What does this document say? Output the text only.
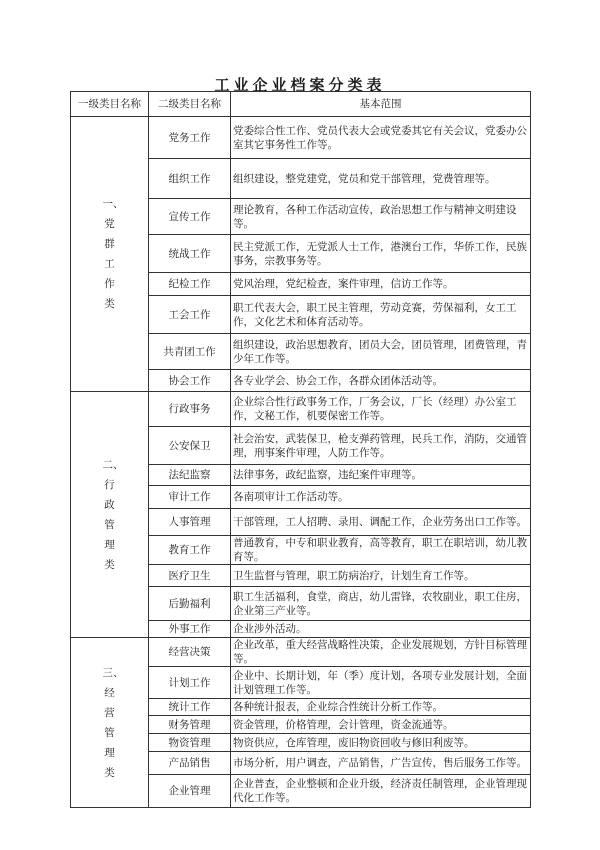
工业企业档案分类表
一级类目名称	二级类目名称	基本范围
一、党群工作类	党务工作	党委综合性工作、党员代表大会或党委其它有关会议，党委办公室其它事务性工作等。
	组织工作	组织建设，整党建党，党员和党干部管理，党费管理等。
	宣传工作	理论教育，各种工作活动宣传，政治思想工作与精神文明建设等。
	统战工作	民主党派工作，无党派人士工作，港澳台工作，华侨工作，民族事务，宗教事务等。
	纪检工作	党风治理，党纪检查，案件审理，信访工作等。
	工会工作	职工代表大会，职工民主管理，劳动竞赛，劳保福利，女工工作，文化艺术和体育活动等。
	共青团工作	组织建设，政治思想教育，团员大会，团员管理，团费管理，青少年工作等。
	协会工作	各专业学会、协会工作，各群众团体活动等。
二、行政管理类	行政事务	企业综合性行政事务工作，厂务会议，厂长（经理）办公室工作，文秘工作，机要保密工作等。
	公安保卫	社会治安，武装保卫，枪支弹药管理，民兵工作，消防，交通管理，刑事案件审理，人防工作等。
	法纪监察	法律事务，政纪监察，违纪案件审理等。
	审计工作	各南项审计工作活动等。
	人事管理	干部管理，工人招聘、录用、调配工作，企业劳务出口工作等。
	教育工作	普通教育，中专和职业教育，高等教育，职工在职培训，幼儿教育等。
	医疗卫生	卫生监督与管理，职工防病治疗，计划生育工作等。
	后勤福利	职工生活福利，食堂，商店，幼儿雷锋，农牧副业，职工住房，企业第三产业等。
	外事工作	企业涉外活动。
三、经营管理类	经营决策	企业改革，重大经营战略性决策，企业发展规划，方针目标管理等。
	计划工作	企业中、长期计划，年（季）度计划，各项专业发展计划，全面计划管理工作等。
	统计工作	各种统计报表，企业综合性统计分析工作等。
	财务管理	资金管理，价格管理，会计管理，资金流通等。
	物资管理	物资供应，仓库管理，废旧物资回收与修旧利废等。
	产品销售	市场分析，用户调查，产品销售，广告宣传，售后服务工作等。
	企业管理	企业普查，企业整顿和企业升级，经济责任制管理，企业管理现代化工作等。
